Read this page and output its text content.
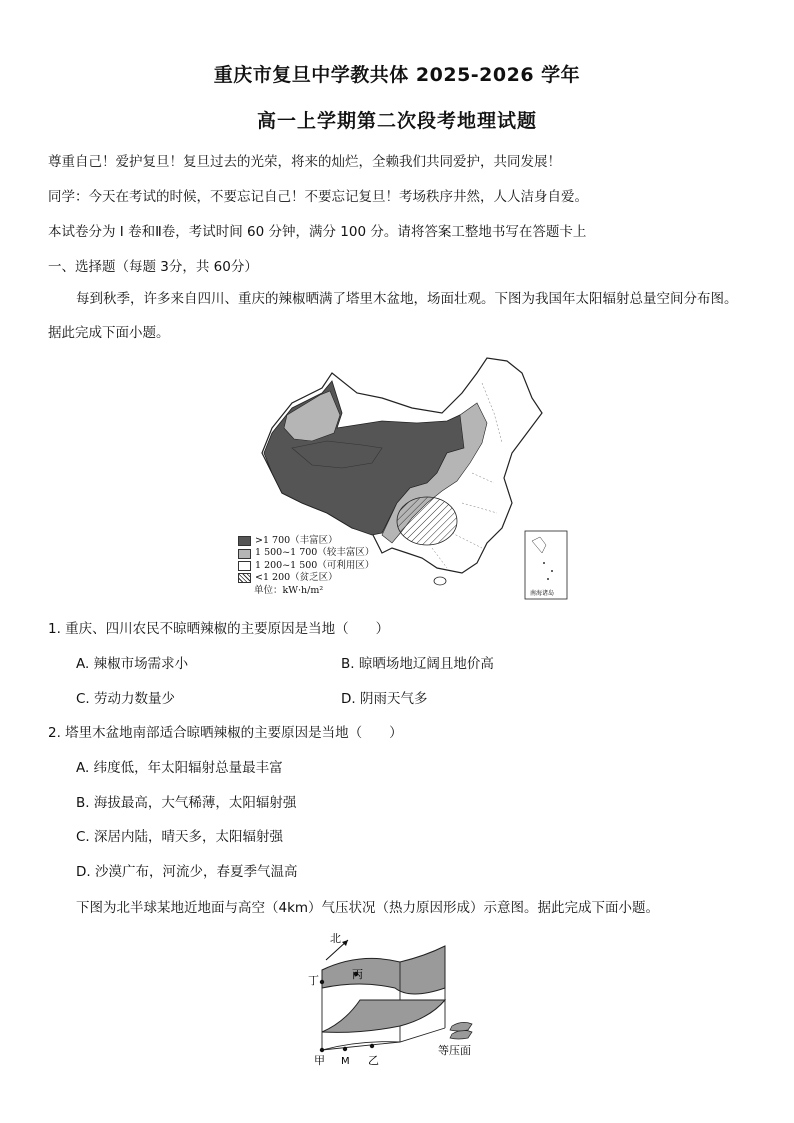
重庆市复旦中学教共体 2025-2026 学年
高一上学期第二次段考地理试题
尊重自己！爱护复旦！复旦过去的光荣，将来的灿烂，全赖我们共同爱护，共同发展！
同学：今天在考试的时候，不要忘记自己！不要忘记复旦！考场秩序井然，人人洁身自爱。
本试卷分为 I 卷和Ⅱ卷，考试时间 60 分钟，满分 100 分。请将答案工整地书写在答题卡上
一、选择题（每题 3分，共 60分）
每到秋季，许多来自四川、重庆的辣椒晒满了塔里木盆地，场面壮观。下图为我国年太阳辐射总量空间分布图。据此完成下面小题。
南海诸岛
>1 700（丰富区）
1 500~1 700（较丰富区）
1 200~1 500（可利用区）
<1 200（贫乏区）
单位：kW·h/m²
1. 重庆、四川农民不晾晒辣椒的主要原因是当地（　　）
A. 辣椒市场需求小	B. 晾晒场地辽阔且地价高
C. 劳动力数量少	D. 阴雨天气多
2. 塔里木盆地南部适合晾晒辣椒的主要原因是当地（　　）
A. 纬度低，年太阳辐射总量最丰富
B. 海拔最高，大气稀薄，太阳辐射强
C. 深居内陆，晴天多，太阳辐射强
D. 沙漠广布，河流少，春夏季气温高
下图为北半球某地近地面与高空（4km）气压状况（热力原因形成）示意图。据此完成下面小题。
北
丁	丙
甲 M 乙
等压面
